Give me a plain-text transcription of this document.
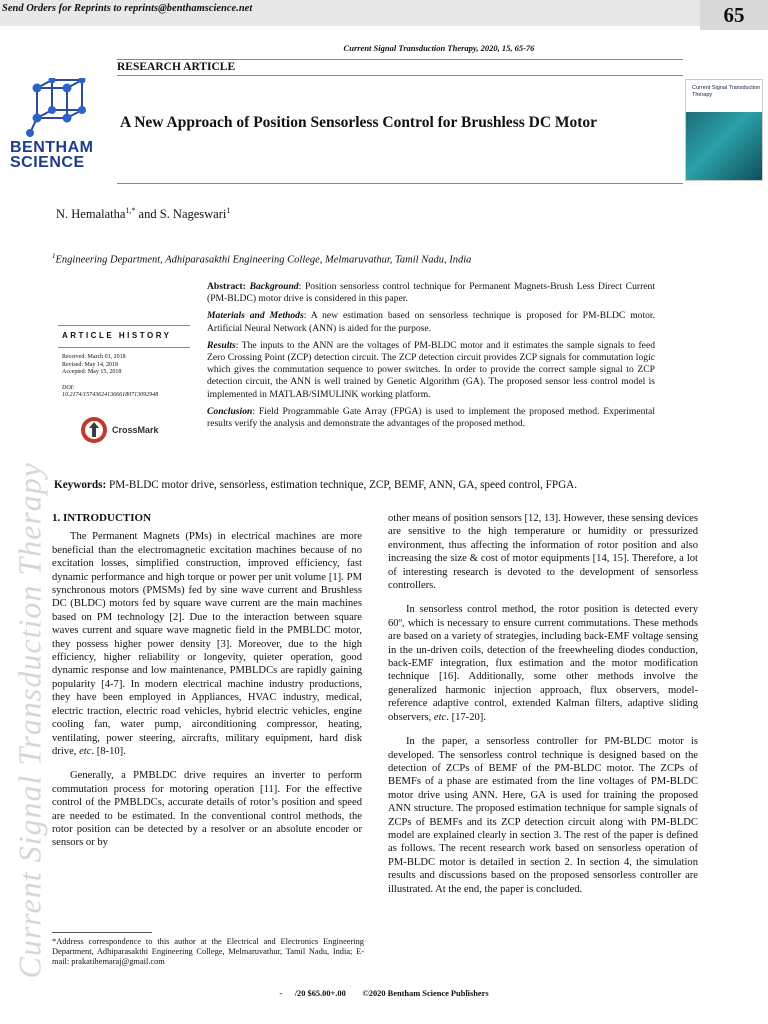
Send Orders for Reprints to reprints@benthamscience.net	65
Current Signal Transduction Therapy
Current Signal Transduction Therapy, 2020, 15, 65-76
RESEARCH ARTICLE
BENTHAM
SCIENCE
A New Approach of Position Sensorless Control for Brushless DC Motor
Current Signal Transduction Therapy
N. Hemalatha$^{1,*}$ and S. Nageswari$^1$
$^1$Engineering Department, Adhiparasakthi Engineering College, Melmaruvathur, Tamil Nadu, India
ARTICLE HISTORY
Received: March 01, 2018
Revised: May 14, 2018
Accepted: May 15, 2018
DOI:
10.2174/1574362413666180713092948
CrossMark

Abstract: Background: Position sensorless control technique for Permanent Magnets-Brush Less Direct Current (PM-BLDC) motor drive is considered in this paper.

Materials and Methods: A new estimation based on sensorless technique is proposed for PM-BLDC motor. Artificial Neural Network (ANN) is aided for the purpose.

Results: The inputs to the ANN are the voltages of PM-BLDC motor and it estimates the sample signals to feed Zero Crossing Point (ZCP) detection circuit. The ZCP detection circuit provides ZCP signals for commutation logic which gives the commutation sequence to power switches. In order to provide the correct sample signal to ZCP detection circuit, the ANN is well trained by Genetic Algorithm (GA). The proposed sensor less control model is implemented in MATLAB/SIMULINK working platform.

Conclusion: Field Programmable Gate Array (FPGA) is used to implement the proposed method. Experimental results verify the analysis and demonstrate the advantages of the proposed method.

Keywords: PM-BLDC motor drive, sensorless, estimation technique, ZCP, BEMF, ANN, GA, speed control, FPGA.

1. INTRODUCTION

The Permanent Magnets (PMs) in electrical machines are more beneficial than the electromagnetic excitation machines because of no excitation losses, simplified construction, improved efficiency, fast dynamic performance and high torque or power per unit volume [1]. PM synchronous motors (PMSMs) fed by sine wave current and Brushless DC (BLDC) motors fed by square wave current are the main machines based on PM technology [2]. Due to the interaction between square waves current and square wave magnetic field in the PMBLDC motor, they possess higher power density [3]. Moreover, due to the high efficiency, higher reliability or longevity, quieter operation, good dynamic response and low maintenance, PMBLDCs are rapidly gaining popularity [4-7]. In modern electrical machine industry productions, they have been employed in Appliances, HVAC industry, medical, electric traction, electric road vehicles, hybrid electric vehicles, engine cooling fan, water pump, airconditioning compressor, heating, ventilating, power steering, aircrafts, military equipment, hard disk drive, etc. [8-10].

Generally, a PMBLDC drive requires an inverter to perform commutation process for motoring operation [11]. For the effective control of the PMBLDCs, accurate details of rotor’s position and speed are needed to be estimated. In the conventional control methods, the rotor position can be detected by a resolver or an absolute encoder or sensors or by

other means of position sensors [12, 13]. However, these sensing devices are sensitive to the high temperature or humidity or pressurized environment, thus affecting the information of rotor position and also increasing the size & cost of motor equipments [14, 15]. Therefore, a lot of interesting research is devoted to the development of sensorless controllers.

In sensorless control method, the rotor position is detected every 60º, which is necessary to ensure current commutations. These methods are based on a variety of strategies, including back-EMF voltage sensing in the un-driven coils, detection of the freewheeling diodes conduction, back-EMF integration, flux estimation and the motor modification technique [16]. Additionally, some other methods involve the generalized harmonic injection approach, flux observers, model-reference adaptive control, extended Kalman filters, adaptive sliding observers, etc. [17-20].

In the paper, a sensorless controller for PM-BLDC motor is developed. The sensorless control technique is designed based on the detection of ZCPs of BEMF of the PM-BLDC motor. The ZCPs of BEMFs of a phase are estimated from the line voltages of PM-BLDC motor drive using ANN. Here, GA is used for training the proposed ANN structure. The proposed estimation technique for sample signals of ZCPs of BEMFs and its ZCP detection circuit along with PM-BLDC model are explained clearly in section 3. The rest of the paper is defined as follows. The recent research work based on sensorless operation of PM-BLDC motor is detailed in section 2. In section 4, the simulation results and discussions based on the proposed sensorless controller are illustrated. At the end, the paper is concluded.

*Address correspondence to this author at the Electrical and Electronics Engineering Department, Adhiparasakthi Engineering College, Melmaruvathur, Tamil Nadu, India; E-mail: prakatihemaraj@gmail.com
-      /20 $65.00+.00        ©2020 Bentham Science Publishers
